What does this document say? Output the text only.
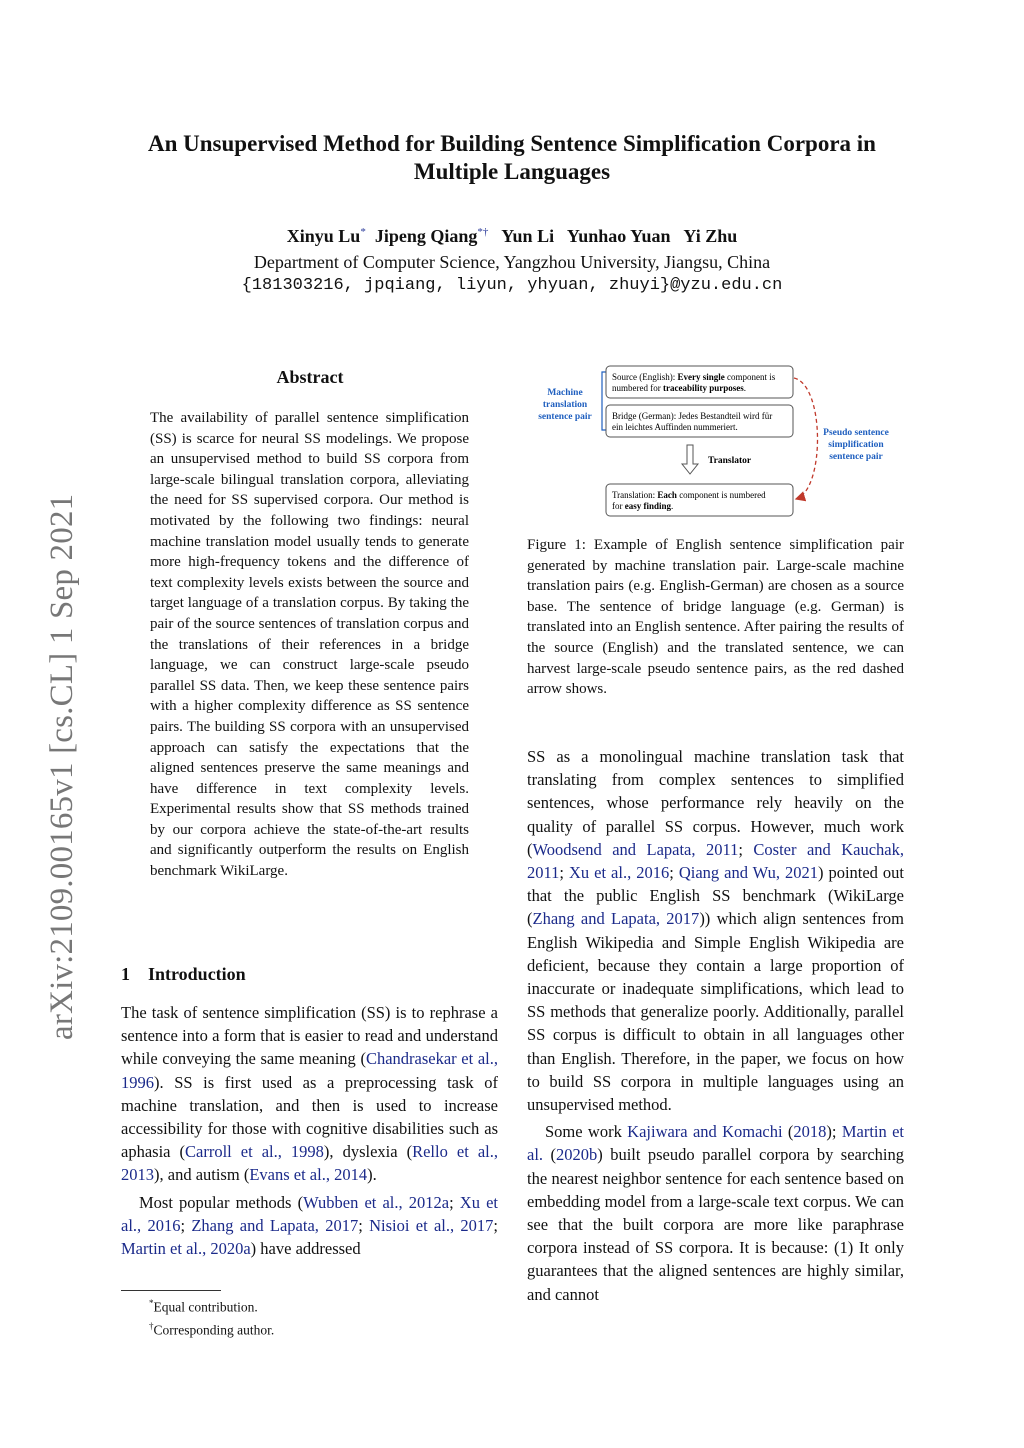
An Unsupervised Method for Building Sentence Simplification Corpora in
Multiple Languages
Xinyu Lu* Jipeng Qiang*† Yun Li Yunhao Yuan Yi Zhu
Department of Computer Science, Yangzhou University, Jiangsu, China
{181303216, jpqiang, liyun, yhyuan, zhuyi}@yzu.edu.cn
arXiv:2109.00165v1 [cs.CL] 1 Sep 2021
Abstract
The availability of parallel sentence simplification (SS) is scarce for neural SS modelings. We propose an unsupervised method to build SS corpora from large-scale bilingual translation corpora, alleviating the need for SS supervised corpora. Our method is motivated by the following two findings: neural machine translation model usually tends to generate more high-frequency tokens and the difference of text complexity levels exists between the source and target language of a translation corpus. By taking the pair of the source sentences of translation corpus and the translations of their references in a bridge language, we can construct large-scale pseudo parallel SS data. Then, we keep these sentence pairs with a higher complexity difference as SS sentence pairs. The building SS corpora with an unsupervised approach can satisfy the expectations that the aligned sentences preserve the same meanings and have difference in text complexity levels. Experimental results show that SS methods trained by our corpora achieve the state-of-the-art results and significantly outperform the results on English benchmark WikiLarge.
1 Introduction

The task of sentence simplification (SS) is to rephrase a sentence into a form that is easier to read and understand while conveying the same meaning (Chandrasekar et al., 1996). SS is first used as a preprocessing task of machine translation, and then is used to increase accessibility for those with cognitive disabilities such as aphasia (Carroll et al., 1998), dyslexia (Rello et al., 2013), and autism (Evans et al., 2014).

Most popular methods (Wubben et al., 2012a; Xu et al., 2016; Zhang and Lapata, 2017; Nisioi et al., 2017; Martin et al., 2020a) have addressed

*Equal contribution.
†Corresponding author.
Machine
translation
sentence pair
Source (English): Every single component is
numbered for traceability purposes.
Bridge (German): Jedes Bestandteil wird für
ein leichtes Auffinden nummeriert.
Translator
Translation: Each component is numbered
for easy finding.
Pseudo sentence
simplification
sentence pair
Figure 1: Example of English sentence simplification pair generated by machine translation pair. Large-scale machine translation pairs (e.g. English-German) are chosen as a source base. The sentence of bridge language (e.g. German) is translated into an English sentence. After pairing the results of the source (English) and the translated sentence, we can harvest large-scale pseudo sentence pairs, as the red dashed arrow shows.

SS as a monolingual machine translation task that translating from complex sentences to simplified sentences, whose performance rely heavily on the quality of parallel SS corpus. However, much work (Woodsend and Lapata, 2011; Coster and Kauchak, 2011; Xu et al., 2016; Qiang and Wu, 2021) pointed out that the public English SS benchmark (WikiLarge (Zhang and Lapata, 2017)) which align sentences from English Wikipedia and Simple English Wikipedia are deficient, because they contain a large proportion of inaccurate or inadequate simplifications, which lead to SS methods that generalize poorly. Additionally, parallel SS corpus is difficult to obtain in all languages other than English. Therefore, in the paper, we focus on how to build SS corpora in multiple languages using an unsupervised method.

Some work Kajiwara and Komachi (2018); Martin et al. (2020b) built pseudo parallel corpora by searching the nearest neighbor sentence for each sentence based on embedding model from a large-scale text corpus. We can see that the built corpora are more like paraphrase corpora instead of SS corpora. It is because: (1) It only guarantees that the aligned sentences are highly similar, and cannot
